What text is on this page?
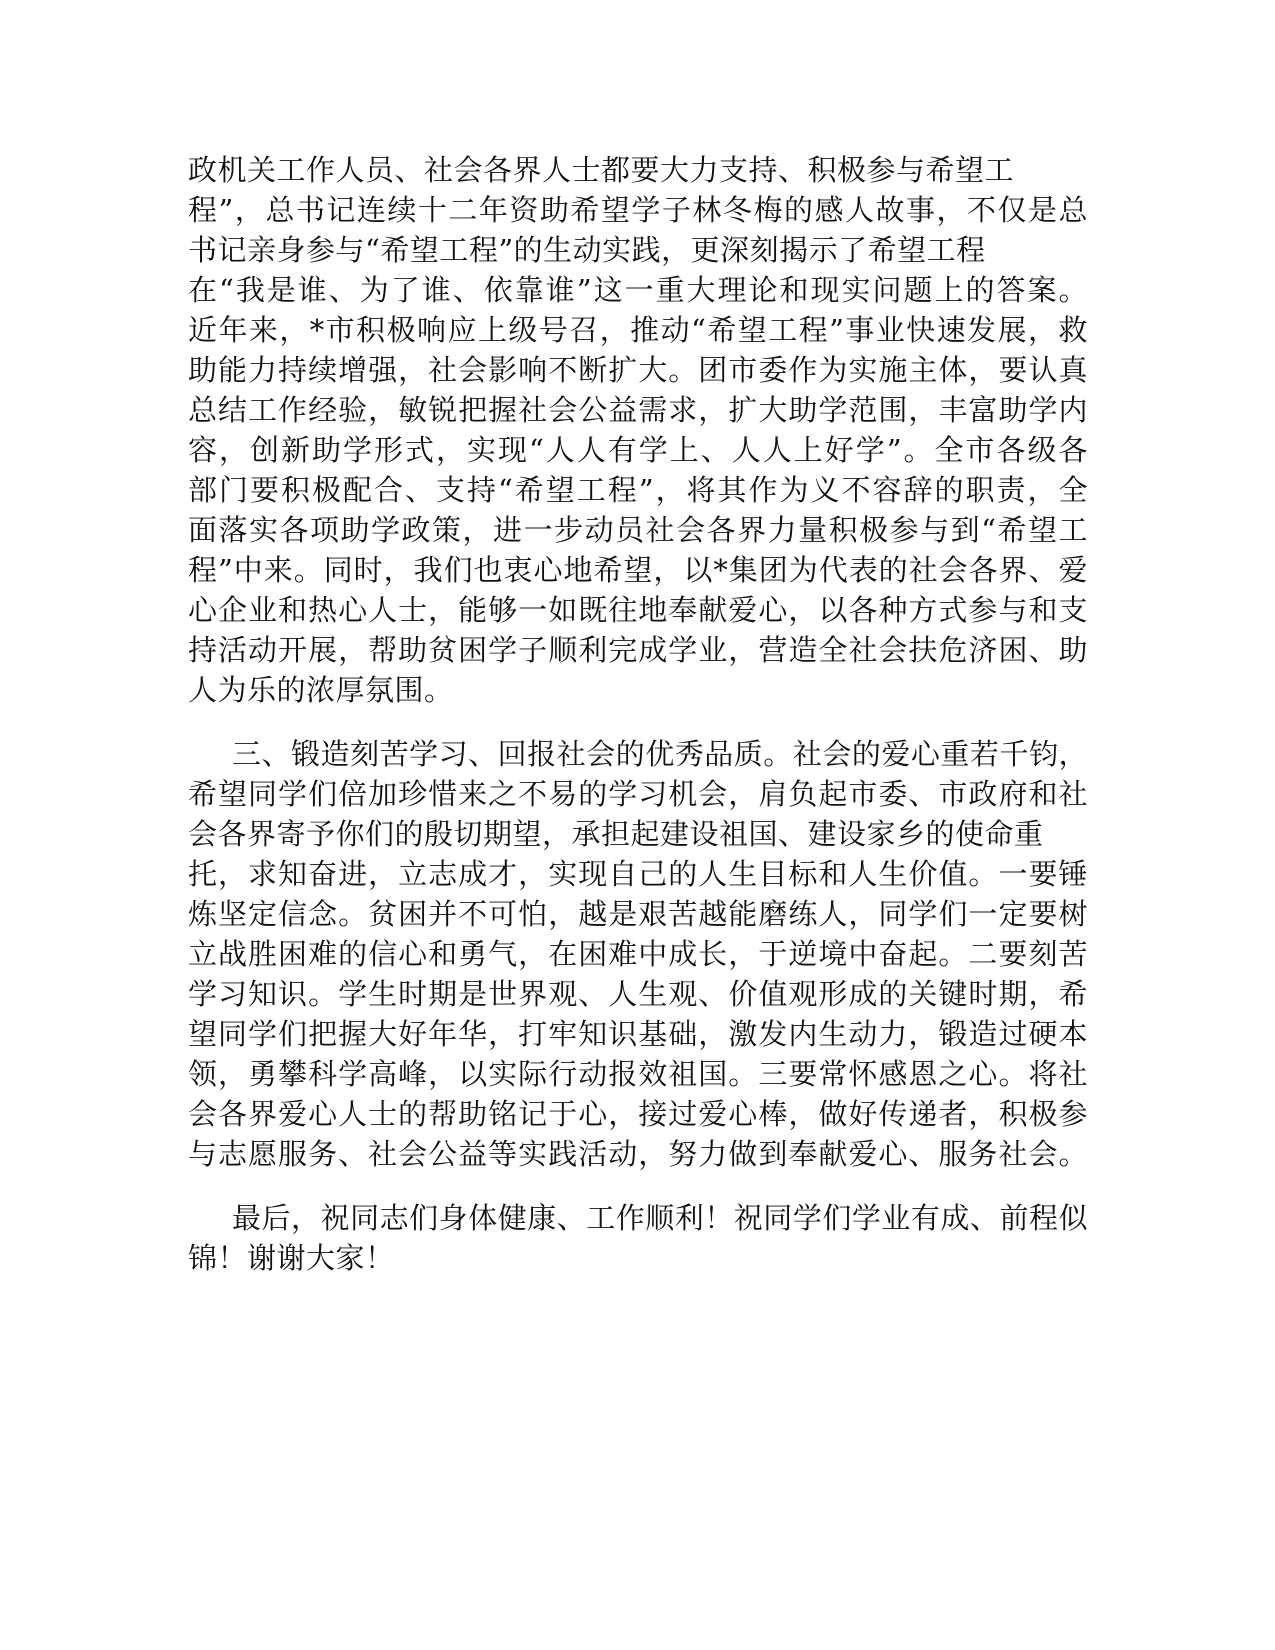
政机关工作人员、社会各界人士都要大力支持、积极参与希望工
程”，总书记连续十二年资助希望学子林冬梅的感人故事，不仅是总
书记亲身参与“希望工程”的生动实践，更深刻揭示了希望工程
在“我是谁、为了谁、依靠谁”这一重大理论和现实问题上的答案。
近年来，*市积极响应上级号召，推动“希望工程”事业快速发展，救
助能力持续增强，社会影响不断扩大。团市委作为实施主体，要认真
总结工作经验，敏锐把握社会公益需求，扩大助学范围，丰富助学内
容，创新助学形式，实现“人人有学上、人人上好学”。全市各级各
部门要积极配合、支持“希望工程”，将其作为义不容辞的职责，全
面落实各项助学政策，进一步动员社会各界力量积极参与到“希望工
程”中来。同时，我们也衷心地希望，以*集团为代表的社会各界、爱
心企业和热心人士，能够一如既往地奉献爱心，以各种方式参与和支
持活动开展，帮助贫困学子顺利完成学业，营造全社会扶危济困、助
人为乐的浓厚氛围。
三、锻造刻苦学习、回报社会的优秀品质。社会的爱心重若千钧，
希望同学们倍加珍惜来之不易的学习机会，肩负起市委、市政府和社
会各界寄予你们的殷切期望，承担起建设祖国、建设家乡的使命重
托，求知奋进，立志成才，实现自己的人生目标和人生价值。一要锤
炼坚定信念。贫困并不可怕，越是艰苦越能磨练人，同学们一定要树
立战胜困难的信心和勇气，在困难中成长，于逆境中奋起。二要刻苦
学习知识。学生时期是世界观、人生观、价值观形成的关键时期，希
望同学们把握大好年华，打牢知识基础，激发内生动力，锻造过硬本
领，勇攀科学高峰，以实际行动报效祖国。三要常怀感恩之心。将社
会各界爱心人士的帮助铭记于心，接过爱心棒，做好传递者，积极参
与志愿服务、社会公益等实践活动，努力做到奉献爱心、服务社会。
最后，祝同志们身体健康、工作顺利！祝同学们学业有成、前程似
锦！谢谢大家！
